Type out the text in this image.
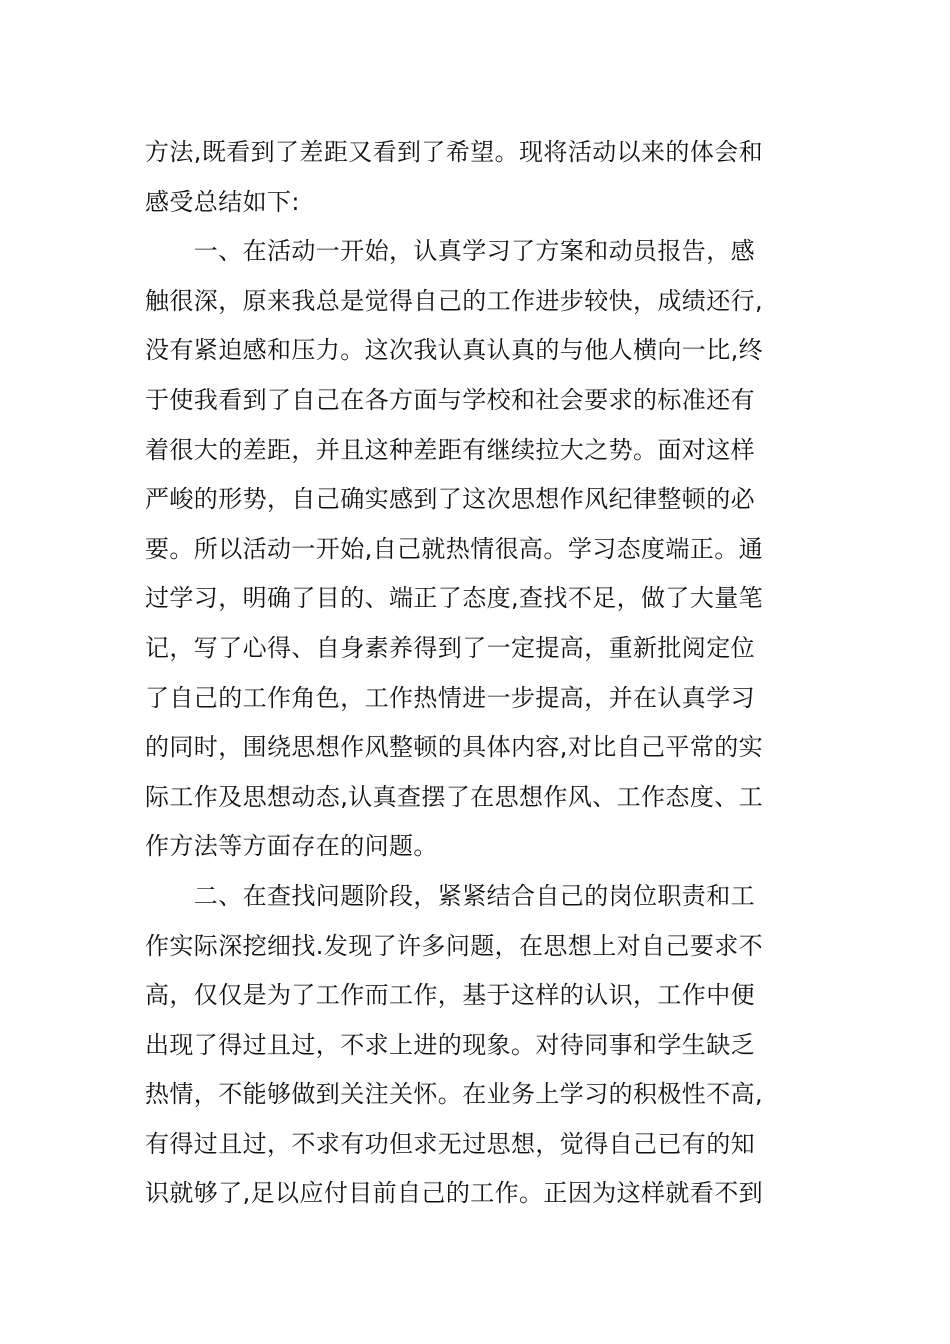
方法,既看到了差距又看到了希望。现将活动以来的体会和
感受总结如下:
　　一、在活动一开始，认真学习了方案和动员报告，感
触很深，原来我总是觉得自己的工作进步较快，成绩还行,
没有紧迫感和压力。这次我认真认真的与他人横向一比,终
于使我看到了自己在各方面与学校和社会要求的标准还有
着很大的差距，并且这种差距有继续拉大之势。面对这样
严峻的形势，自己确实感到了这次思想作风纪律整顿的必
要。所以活动一开始,自己就热情很高。学习态度端正。通
过学习，明确了目的、端正了态度,查找不足，做了大量笔
记，写了心得、自身素养得到了一定提高，重新批阅定位
了自己的工作角色，工作热情进一步提高，并在认真学习
的同时，围绕思想作风整顿的具体内容,对比自己平常的实
际工作及思想动态,认真查摆了在思想作风、工作态度、工
作方法等方面存在的问题。
　　二、在查找问题阶段，紧紧结合自己的岗位职责和工
作实际深挖细找.发现了许多问题，在思想上对自己要求不
高，仅仅是为了工作而工作，基于这样的认识，工作中便
出现了得过且过，不求上进的现象。对待同事和学生缺乏
热情，不能够做到关注关怀。在业务上学习的积极性不高,
有得过且过，不求有功但求无过思想，觉得自己已有的知
识就够了,足以应付目前自己的工作。正因为这样就看不到
